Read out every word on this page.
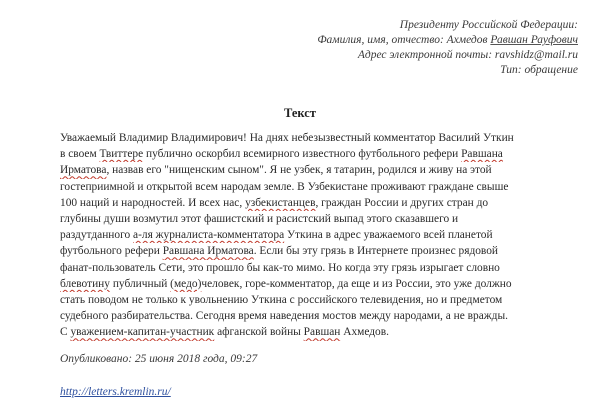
Президенту Российской Федерации:
Фамилия, имя, отчество: Ахмедов Равшан Рауфович
Адрес электронной почты: ravshidz@mail.ru
Тип: обращение
Текст
Уважаемый Владимир Владимирович! На днях небезызвестный комментатор Василий Уткин
в своем Твиттере публично оскорбил всемирного известного футбольного рефери Равшана
Ирматова, назвав его "нищенским сыном". Я не узбек, я татарин, родился и живу на этой
гостеприимной и открытой всем народам земле. В Узбекистане проживают граждане свыше
100 наций и народностей. И всех нас, узбекистанцев, граждан России и других стран до
глубины души возмутил этот фашистский и расистский выпад этого сказавшего и
раздутданного a-ля журналиста-комментатора Уткина в адрес уважаемого всей планетой
футбольного рефери Равшана Ирматова. Если бы эту грязь в Интернете произнес рядовой
фанат-пользователь Сети, это прошло бы как-то мимо. Но когда эту грязь изрыгает словно
блевотину публичный (медо)человек, горе-комментатор, да еще и из России, это уже должно
стать поводом не только к увольнению Уткина с российского телевидения, но и предметом
судебного разбирательства. Сегодня время наведения мостов между народами, а не вражды.
С уважением-капитан-участник афганской войны Равшан Ахмедов.
Опубликовано: 25 июня 2018 года, 09:27
http://letters.kremlin.ru/
